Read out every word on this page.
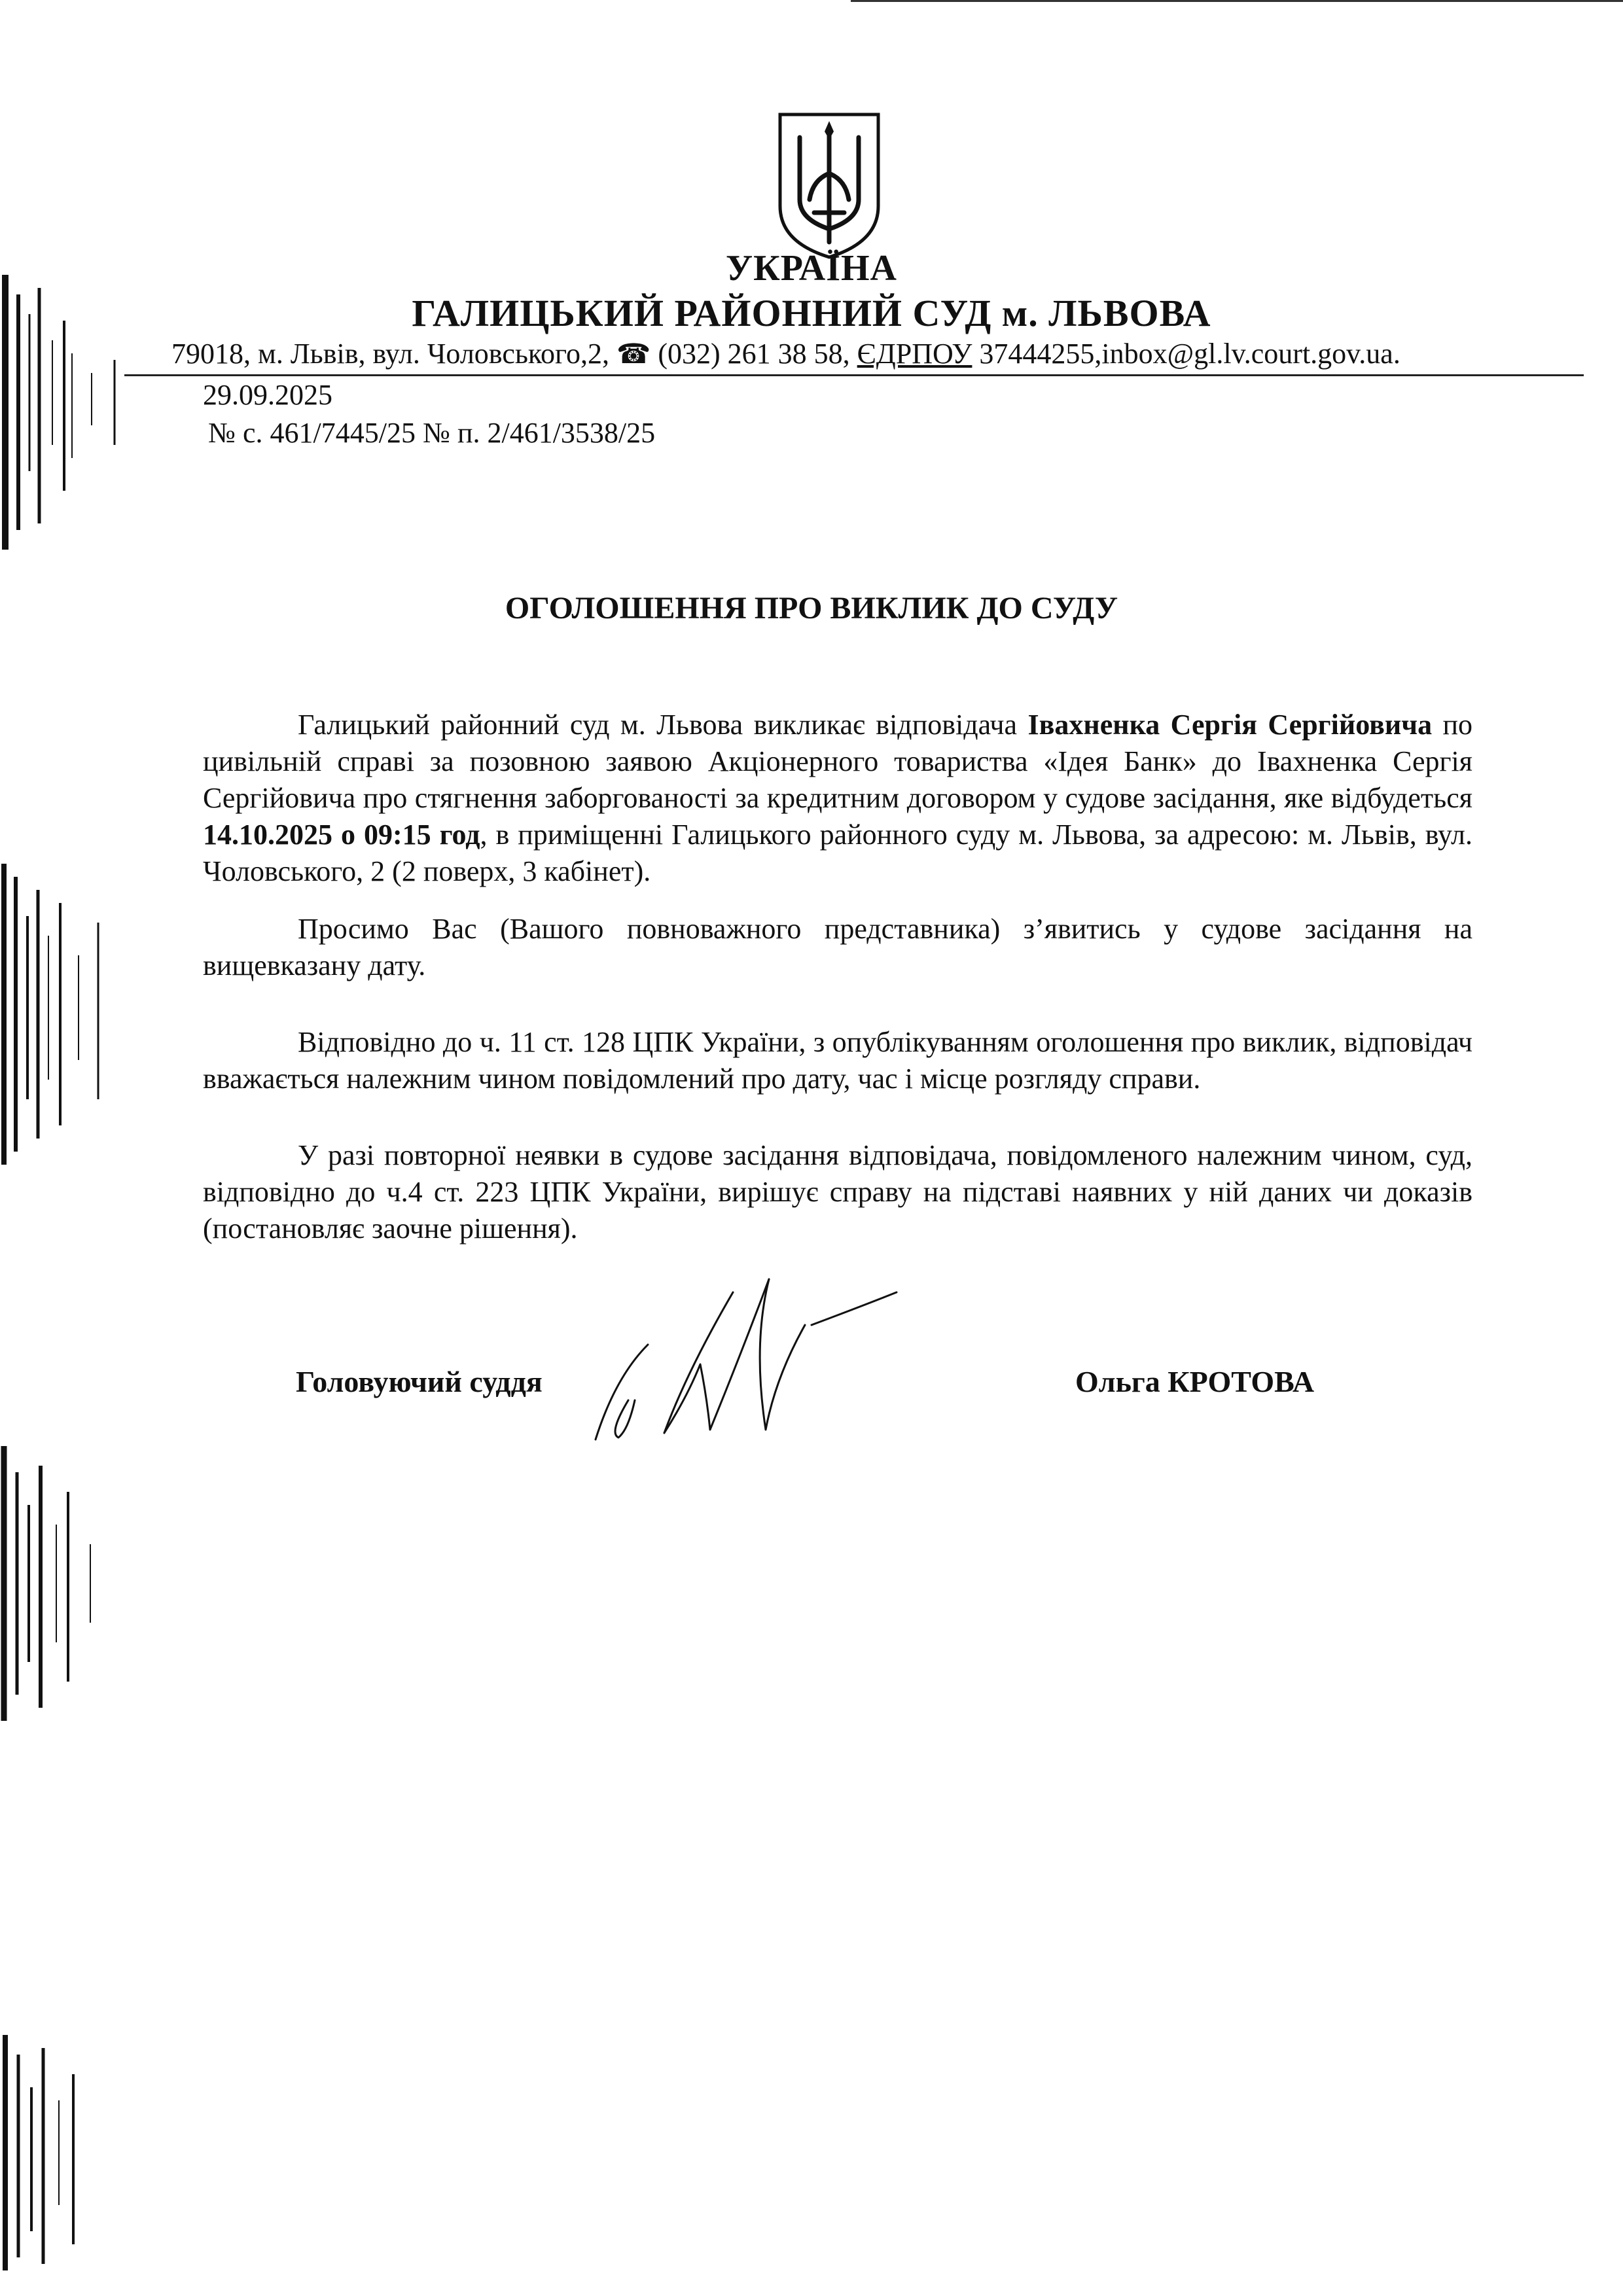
УКРАЇНА
ГАЛИЦЬКИЙ РАЙОННИЙ СУД м. ЛЬВОВА
79018, м. Львів, вул. Чоловського,2, ☎ (032) 261 38 58, ЄДРПОУ 37444255,inbox@gl.lv.court.gov.ua.
29.09.2025
№ с. 461/7445/25 № п. 2/461/3538/25
ОГОЛОШЕННЯ ПРО ВИКЛИК ДО СУДУ
Галицький районний суд м. Львова викликає відповідача Івахненка Сергія Сергійовича по цивільній справі за позовною заявою Акціонерного товариства «Ідея Банк» до Івахненка Сергія Сергійовича про стягнення заборгованості за кредитним договором у судове засідання, яке відбудеться 14.10.2025 о 09:15 год, в приміщенні Галицького районного суду м. Львова, за адресою: м. Львів, вул. Чоловського, 2 (2 поверх, 3 кабінет).
Просимо Вас (Вашого повноважного представника) з’явитись у судове засідання на вищевказану дату.
Відповідно до ч. 11 ст. 128 ЦПК України, з опублікуванням оголошення про виклик, відповідач вважається належним чином повідомлений про дату, час і місце розгляду справи.
У разі повторної неявки в судове засідання відповідача, повідомленого належним чином, суд, відповідно до ч.4 ст. 223 ЦПК України, вирішує справу на підставі наявних у ній даних чи доказів (постановляє заочне рішення).
Головуючий суддя	Ольга КРОТОВА
